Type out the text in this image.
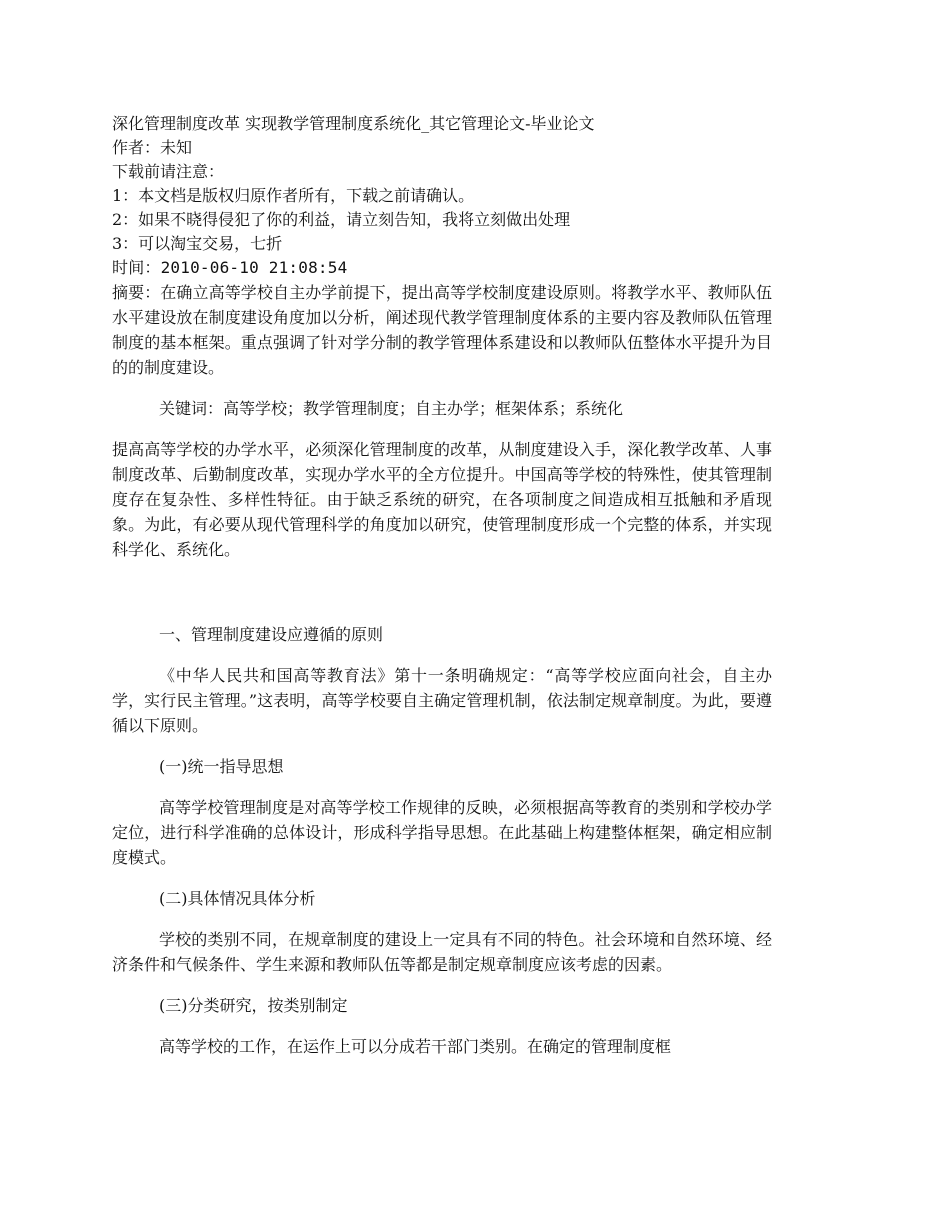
深化管理制度改革 实现教学管理制度系统化_其它管理论文-毕业论文
作者：未知
下载前请注意：
1：本文档是版权归原作者所有，下载之前请确认。
2：如果不晓得侵犯了你的利益，请立刻告知，我将立刻做出处理
3：可以淘宝交易，七折
时间：2010-06-10 21:08:54

摘要：在确立高等学校自主办学前提下，提出高等学校制度建设原则。将教学水平、教师队伍水平建设放在制度建设角度加以分析，阐述现代教学管理制度体系的主要内容及教师队伍管理制度的基本框架。重点强调了针对学分制的教学管理体系建设和以教师队伍整体水平提升为目的的制度建设。

关键词：高等学校；教学管理制度；自主办学；框架体系；系统化

提高高等学校的办学水平，必须深化管理制度的改革，从制度建设入手，深化教学改革、人事制度改革、后勤制度改革，实现办学水平的全方位提升。中国高等学校的特殊性，使其管理制度存在复杂性、多样性特征。由于缺乏系统的研究，在各项制度之间造成相互抵触和矛盾现象。为此，有必要从现代管理科学的角度加以研究，使管理制度形成一个完整的体系，并实现科学化、系统化。

一、管理制度建设应遵循的原则

《中华人民共和国高等教育法》第十一条明确规定：“高等学校应面向社会，自主办学，实行民主管理。”这表明，高等学校要自主确定管理机制，依法制定规章制度。为此，要遵循以下原则。

(一)统一指导思想

高等学校管理制度是对高等学校工作规律的反映，必须根据高等教育的类别和学校办学定位，进行科学准确的总体设计，形成科学指导思想。在此基础上构建整体框架，确定相应制度模式。

(二)具体情况具体分析

学校的类别不同，在规章制度的建设上一定具有不同的特色。社会环境和自然环境、经济条件和气候条件、学生来源和教师队伍等都是制定规章制度应该考虑的因素。

(三)分类研究，按类别制定

高等学校的工作，在运作上可以分成若干部门类别。在确定的管理制度框
